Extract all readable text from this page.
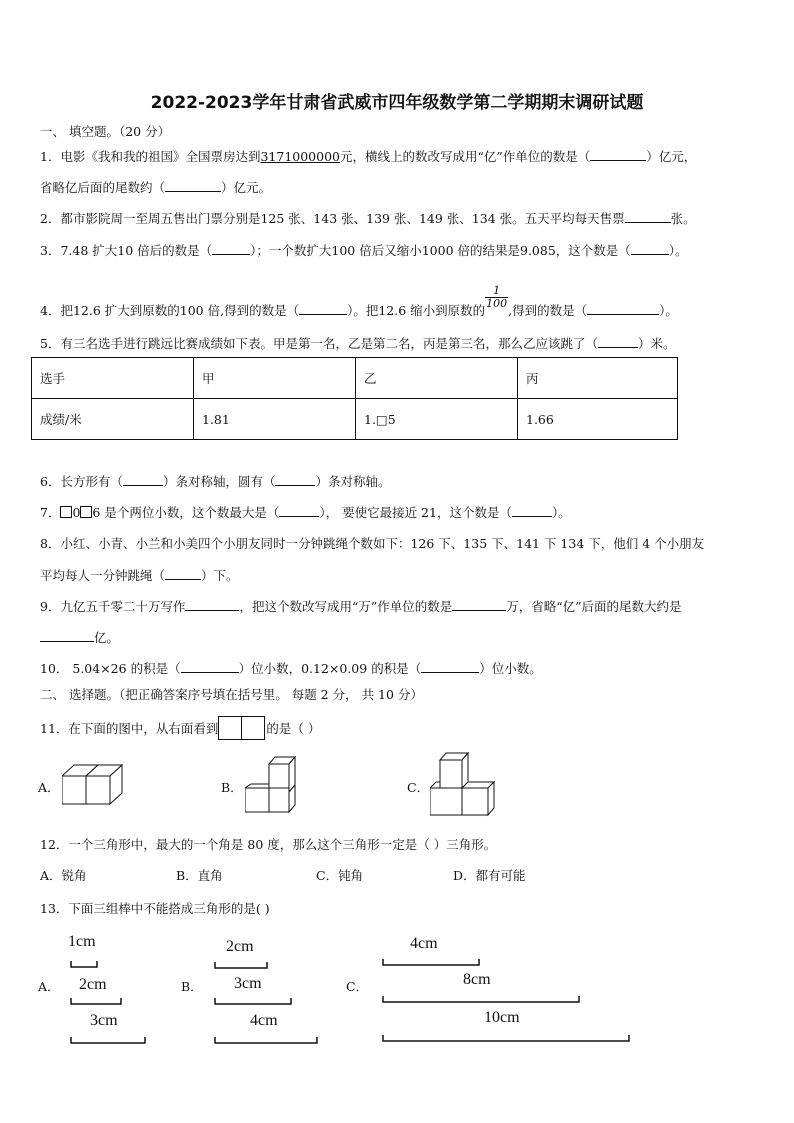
2022-2023学年甘肃省武威市四年级数学第二学期期末调研试题
一、 填空题。（20 分）
1．电影《我和我的祖国》全国票房达到3171000000元，横线上的数改写成用“亿”作单位的数是（	）亿元，
省略亿后面的尾数约（	）亿元。
2．都市影院周一至周五售出门票分别是125 张、143 张、139 张、149 张、134 张。五天平均每天售票	张。
3．7.48 扩大10 倍后的数是（	）；一个数扩大100 倍后又缩小1000 倍的结果是9.085，这个数是（	）。
4．把12.6 扩大到原数的100 倍,得到的数是（	）。把12.6 缩小到原数的
$\frac{1}{100}$
,得到的数是（	）。
5．有三名选手进行跳远比赛成绩如下表。甲是第一名，乙是第二名，丙是第三名，那么乙应该跳了（	）米。
选手	甲	乙	丙
成绩/米	1.81	1.□5	1.66
6．长方形有（	）条对称轴，圆有（	）条对称轴。
7． 0 6 是个两位小数，这个数最大是（	）， 要使它最接近 21，这个数是（	）。
8．小红、小青、小兰和小美四个小朋友同时一分钟跳绳个数如下：126 下、135 下、141 下 134 下，他们 4 个小朋友
平均每人一分钟跳绳（	）下。
9．九亿五千零二十万写作	，把这个数改写成用“万”作单位的数是	万，省略“亿”后面的尾数大约是
亿。
10． 5.04×26 的积是（	）位小数，0.12×0.09 的积是（	）位小数。
二、 选择题。（把正确答案序号填在括号里。 每题 2 分， 共 10 分）
11．在下面的图中，从右面看到	的是（ ）
A．	B．	C．
12．一个三角形中，最大的一个角是 80 度，那么这个三角形一定是（ ）三角形。
A．锐角	B．直角	C．钝角	D．都有可能
13．下面三组棒中不能搭成三角形的是( )
A．	B．	C．
1cm
2cm
3cm
2cm
3cm
4cm
4cm
8cm
10cm
